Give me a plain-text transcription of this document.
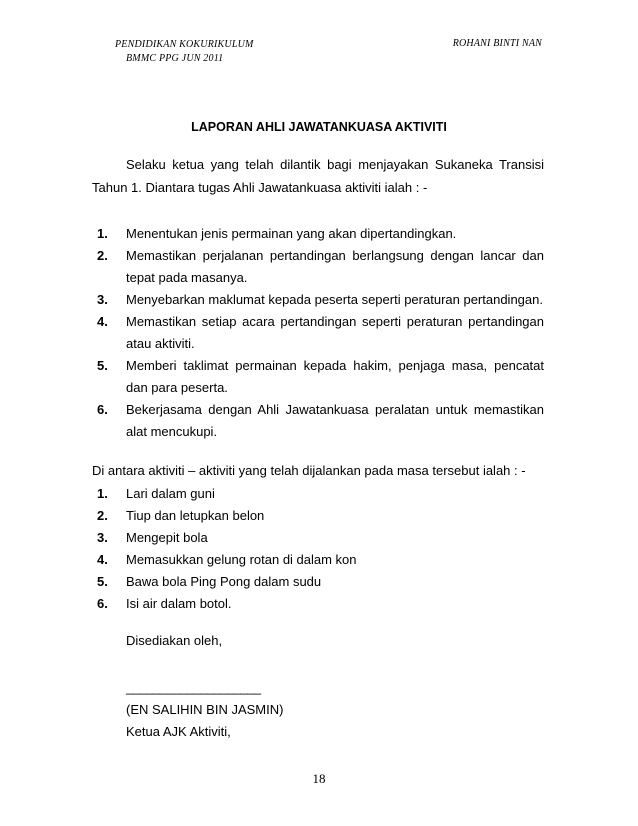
PENDIDIKAN KOKURIKULUM
BMMC PPG JUN 2011
ROHANI BINTI NAN
LAPORAN AHLI JAWATANKUASA AKTIVITI

Selaku ketua yang telah dilantik bagi menjayakan Sukaneka Transisi Tahun 1. Diantara tugas Ahli Jawatankuasa aktiviti ialah : -

1. Menentukan jenis permainan yang akan dipertandingkan.
2. Memastikan perjalanan pertandingan berlangsung dengan lancar dan tepat pada masanya.
3. Menyebarkan maklumat kepada peserta seperti peraturan pertandingan.
4. Memastikan setiap acara pertandingan seperti peraturan pertandingan atau aktiviti.
5. Memberi taklimat permainan kepada hakim, penjaga masa, pencatat dan para peserta.
6. Bekerjasama dengan Ahli Jawatankuasa peralatan untuk memastikan alat mencukupi.
Di antara aktiviti – aktiviti yang telah dijalankan pada masa tersebut ialah : -
1. Lari dalam guni
2. Tiup dan letupkan belon
3. Mengepit bola
4. Memasukkan gelung rotan di dalam kon
5. Bawa bola Ping Pong dalam sudu
6. Isi air dalam botol.
Disediakan oleh,
____________________
(EN SALIHIN BIN JASMIN)
Ketua AJK Aktiviti,
18
